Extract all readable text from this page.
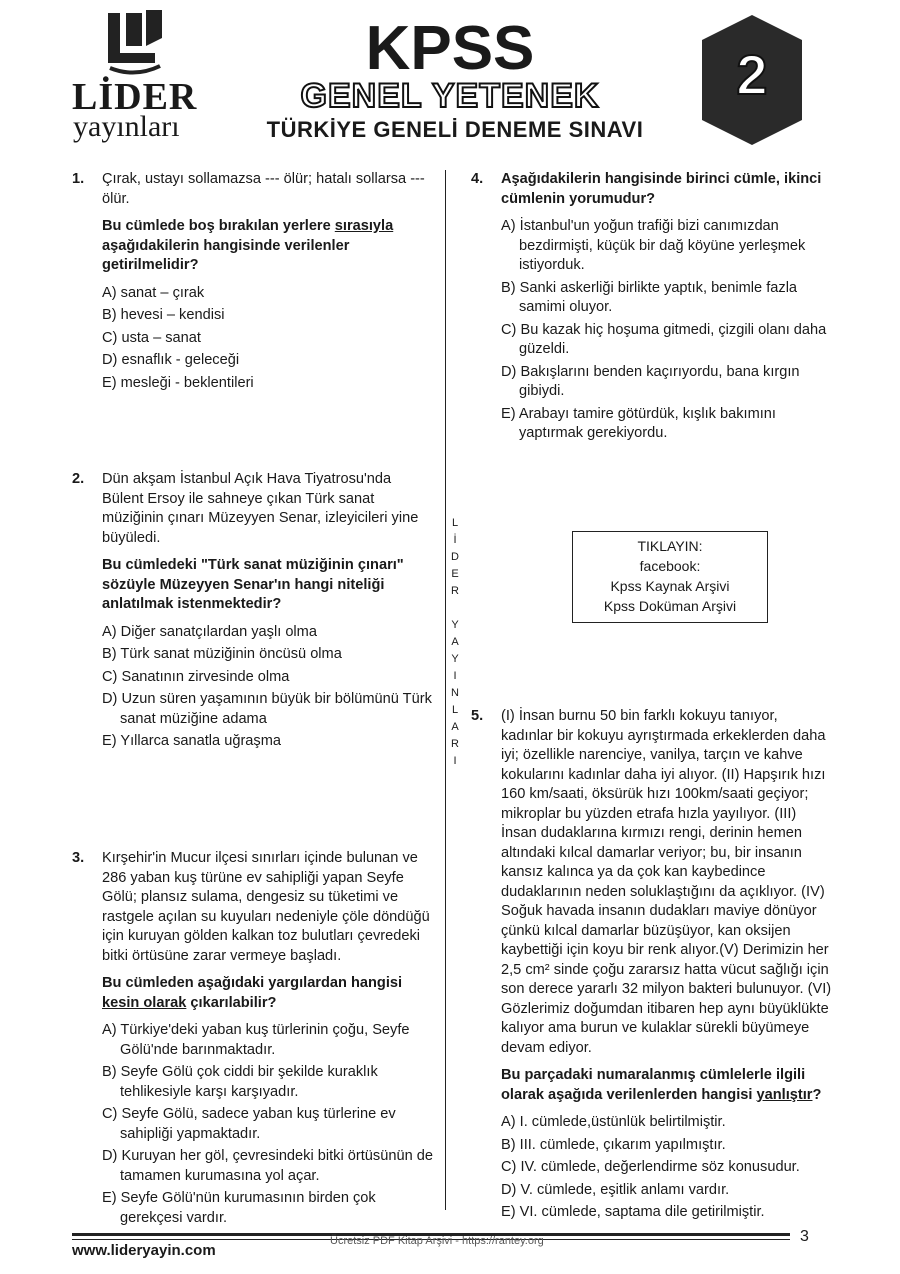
LİDER
yayınları
KPSS
GENEL YETENEK
TÜRKİYE GENELİ DENEME SINAVI
2
1. Çırak, ustayı sollamazsa --- ölür; hatalı sollarsa --- ölür.

Bu cümlede boş bırakılan yerlere sırasıyla aşağıdakilerin hangisinde verilenler getirilmelidir?

A) sanat – çırak
B) hevesi – kendisi
C) usta – sanat
D) esnaflık - geleceği
E) mesleği - beklentileri
2. Dün akşam İstanbul Açık Hava Tiyatrosu'nda Bülent Ersoy ile sahneye çıkan Türk sanat müziğinin çınarı Müzeyyen Senar, izleyicileri yine büyüledi.

Bu cümledeki "Türk sanat müziğinin çınarı" sözüyle Müzeyyen Senar'ın hangi niteliği anlatılmak istenmektedir?

A) Diğer sanatçılardan yaşlı olma
B) Türk sanat müziğinin öncüsü olma
C) Sanatının zirvesinde olma
D) Uzun süren yaşamının büyük bir bölümünü Türk sanat müziğine adama
E) Yıllarca sanatla uğraşma
3. Kırşehir'in Mucur ilçesi sınırları içinde bulunan ve 286 yaban kuş türüne ev sahipliği yapan Seyfe Gölü; plansız sulama, dengesiz su tüketimi ve rastgele açılan su kuyuları nedeniyle çöle döndüğü için kuruyan gölden kalkan toz bulutları çevredeki bitki örtüsüne zarar vermeye başladı.

Bu cümleden aşağıdaki yargılardan hangisi kesin olarak çıkarılabilir?

A) Türkiye'deki yaban kuş türlerinin çoğu, Seyfe Gölü'nde barınmaktadır.
B) Seyfe Gölü çok ciddi bir şekilde kuraklık tehlikesiyle karşı karşıyadır.
C) Seyfe Gölü, sadece yaban kuş türlerine ev sahipliği yapmaktadır.
D) Kuruyan her göl, çevresindeki bitki örtüsünün de tamamen kurumasına yol açar.
E) Seyfe Gölü'nün kurumasının birden çok gerekçesi vardır.
L
İ
D
E
R
Y
A
Y
I
N
L
A
R
I
4. Aşağıdakilerin hangisinde birinci cümle, ikinci cümlenin yorumudur?

A) İstanbul'un yoğun trafiği bizi canımızdan bezdirmişti, küçük bir dağ köyüne yerleşmek istiyorduk.
B) Sanki askerliği birlikte yaptık, benimle fazla samimi oluyor.
C) Bu kazak hiç hoşuma gitmedi, çizgili olanı daha güzeldi.
D) Bakışlarını benden kaçırıyordu, bana kırgın gibiydi.
E) Arabayı tamire götürdük, kışlık bakımını yaptırmak gerekiyordu.
TIKLAYIN:
facebook:
Kpss Kaynak Arşivi
Kpss Doküman Arşivi
5. (I) İnsan burnu 50 bin farklı kokuyu tanıyor, kadınlar bir kokuyu ayrıştırmada erkeklerden daha iyi; özellikle narenciye, vanilya, tarçın ve kahve kokularını kadınlar daha iyi alıyor. (II) Hapşırık hızı 160 km/saati, öksürük hızı 100km/saati geçiyor; mikroplar bu yüzden etrafa hızla yayılıyor. (III) İnsan dudaklarına kırmızı rengi, derinin hemen altındaki kılcal damarlar veriyor; bu, bir insanın kansız kalınca ya da çok kan kaybedince dudaklarının neden soluklaştığını da açıklıyor. (IV) Soğuk havada insanın dudakları maviye dönüyor çünkü kılcal damarlar büzüşüyor, kan oksijen kaybettiği için koyu bir renk alıyor.(V) Derimizin her 2,5 cm² sinde çoğu zararsız hatta vücut sağlığı için son derece yararlı 32 milyon bakteri bulunuyor. (VI) Gözlerimiz doğumdan itibaren hep aynı büyüklükte kalıyor ama burun ve kulaklar sürekli büyümeye devam ediyor.

Bu parçadaki numaralanmış cümlelerle ilgili olarak aşağıda verilenlerden hangisi yanlıştır?

A) I. cümlede,üstünlük belirtilmiştir.
B) III. cümlede, çıkarım yapılmıştır.
C) IV. cümlede, değerlendirme söz konusudur.
D) V. cümlede, eşitlik anlamı vardır.
E) VI. cümlede, saptama dile getirilmiştir.
www.lideryayin.com
Ücretsiz PDF Kitap Arşivi - https://rantey.org	3
